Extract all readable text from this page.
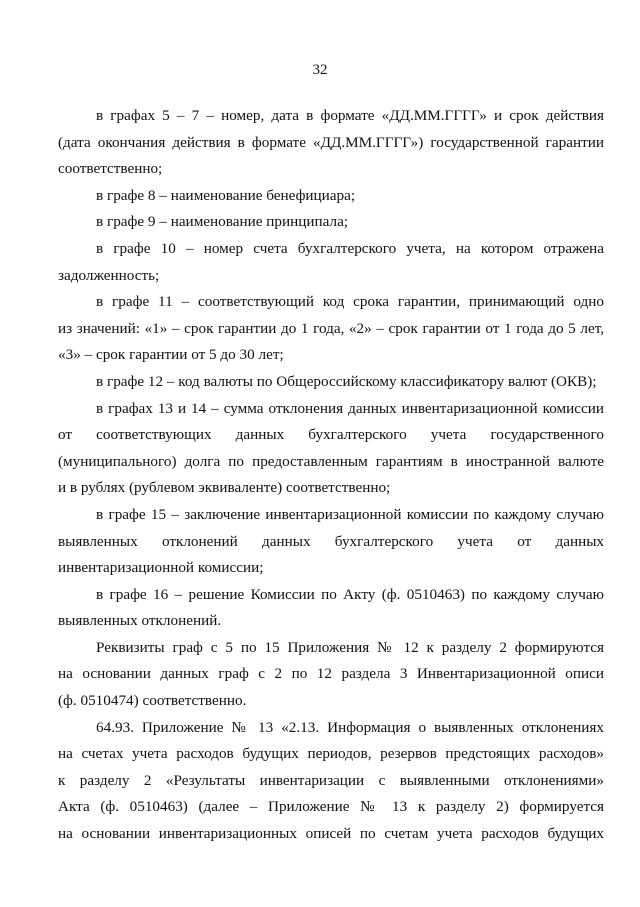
32
в графах 5 – 7 – номер, дата в формате «ДД.ММ.ГГГГ» и срок действия
(дата окончания действия в формате «ДД.ММ.ГГГГ») государственной гарантии
соответственно;
в графе 8 – наименование бенефициара;
в графе 9 – наименование принципала;
в графе 10 – номер счета бухгалтерского учета, на котором отражена
задолженность;
в графе 11 – соответствующий код срока гарантии, принимающий одно
из значений: «1» – срок гарантии до 1 года, «2» – срок гарантии от 1 года до 5 лет,
«3» – срок гарантии от 5 до 30 лет;
в графе 12 – код валюты по Общероссийскому классификатору валют (ОКВ);
в графах 13 и 14 – сумма отклонения данных инвентаризационной комиссии
от соответствующих данных бухгалтерского учета государственного
(муниципального) долга по предоставленным гарантиям в иностранной валюте
и в рублях (рублевом эквиваленте) соответственно;
в графе 15 – заключение инвентаризационной комиссии по каждому случаю
выявленных отклонений данных бухгалтерского учета от данных
инвентаризационной комиссии;
в графе 16 – решение Комиссии по Акту (ф. 0510463) по каждому случаю
выявленных отклонений.
Реквизиты граф с 5 по 15 Приложения № 12 к разделу 2 формируются
на основании данных граф с 2 по 12 раздела 3 Инвентаризационной описи
(ф. 0510474) соответственно.
64.93. Приложение № 13 «2.13. Информация о выявленных отклонениях
на счетах учета расходов будущих периодов, резервов предстоящих расходов»
к разделу 2 «Результаты инвентаризации с выявленными отклонениями»
Акта (ф. 0510463) (далее – Приложение № 13 к разделу 2) формируется
на основании инвентаризационных описей по счетам учета расходов будущих
